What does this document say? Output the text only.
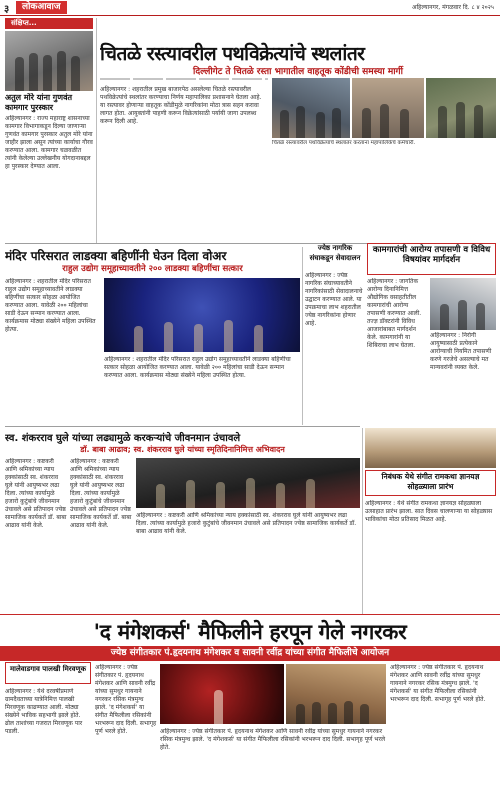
३	लोकआवाज	अहिल्यानगर, मंगळवार दि. ८ ४ २०२५
संक्षिप्त...
अतुल मोरे यांना गुणवंत कामगार पुरस्कार
अहिल्यानगर : राज्य महाराष्ट्र शासनाच्या कामगार विभागाकडून दिल्या जाणाऱ्या गुणवंत कामगार पुरस्कार अतुल मोरे यांना जाहीर झाला असून त्यांच्या कार्याचा गौरव करण्यात आला. कामगार चळवळीत त्यांनी केलेल्या उल्लेखनीय योगदानाबद्दल हा पुरस्कार देण्यात आला.
चितळे रस्त्यावरील पथविक्रेत्यांचे स्थलांतर
दिल्लीगेट ते चितळे रस्ता भागातील वाहतूक कोंडीची समस्या मार्गी
अहिल्यानगर : शहरातील प्रमुख बाजारपेठ असलेल्या चितळे रस्त्यावरील पथविक्रेत्यांचे स्थलांतर करण्याचा निर्णय महापालिका प्रशासनाने घेतला आहे. या रस्त्यावर होणाऱ्या वाहतूक कोंडीमुळे नागरिकांना मोठा त्रास सहन करावा लागत होता. आयुक्तांनी पाहणी करून विक्रेत्यांसाठी पर्यायी जागा उपलब्ध करून दिली आहे.
चितळे रस्त्यावरील पथविक्रेत्यांचे स्थलांतर करताना महापालिकेचे कर्मचारी.
मंदिर परिसरात लाडक्या बहिणींनी घेउन दिला वोअर
राहुल उद्योग समूहाच्यावतीने २०० लाडक्या बहिणींचा सत्कार
अहिल्यानगर : शहरातील मंदिर परिसरात राहुल उद्योग समूहाच्यावतीने लाडक्या बहिणींचा सत्कार सोहळा आयोजित करण्यात आला. यावेळी २०० महिलांचा साडी देऊन सन्मान करण्यात आला. कार्यक्रमास मोठ्या संख्येने महिला उपस्थित होत्या.
अहिल्यानगर : शहरातील मंदिर परिसरात राहुल उद्योग समूहाच्यावतीने लाडक्या बहिणींचा सत्कार सोहळा आयोजित करण्यात आला. यावेळी २०० महिलांचा साडी देऊन सन्मान करण्यात आला. कार्यक्रमास मोठ्या संख्येने महिला उपस्थित होत्या.
ज्येष्ठ नागरिक संघाकडून सेवादालन
अहिल्यानगर : ज्येष्ठ नागरिक संघाच्यावतीने नागरिकांसाठी सेवादालनाचे उद्घाटन करण्यात आले. या उपक्रमाचा लाभ शहरातील ज्येष्ठ नागरिकांना होणार आहे.
कामगारांची आरोग्य तपासणी व विविध विषयांवर मार्गदर्शन
अहिल्यानगर : जागतिक आरोग्य दिनानिमित्त औद्योगिक वसाहतीतील कामगारांची आरोग्य तपासणी करण्यात आली. तज्ज्ञ डॉक्टरांनी विविध आजारांबाबत मार्गदर्शन केले. कामगारांनी या शिबिराचा लाभ घेतला.
अहिल्यानगर : निरोगी आयुष्यासाठी प्रत्येकाने आरोग्याची नियमित तपासणी करणे गरजेचे असल्याचे मत मान्यवरांनी व्यक्त केले.
स्व. शंकरराव घुले यांच्या लढ्यामुळे करकऱ्यांचे जीवनमान उंचावले
डॉ. बाबा आढाव; स्व. शंकरराव घुले यांच्या स्मृतिदिनानिमित्त अभिवादन
अहिल्यानगर : कष्टकरी आणि श्रमिकांच्या न्याय हक्कांसाठी स्व. शंकरराव घुले यांनी आयुष्यभर लढा दिला. त्यांच्या कार्यामुळे हजारो कुटुंबांचे जीवनमान उंचावले असे प्रतिपादन ज्येष्ठ सामाजिक कार्यकर्ते डॉ. बाबा आढाव यांनी केले.
अहिल्यानगर : कष्टकरी आणि श्रमिकांच्या न्याय हक्कांसाठी स्व. शंकरराव घुले यांनी आयुष्यभर लढा दिला. त्यांच्या कार्यामुळे हजारो कुटुंबांचे जीवनमान उंचावले असे प्रतिपादन ज्येष्ठ सामाजिक कार्यकर्ते डॉ. बाबा आढाव यांनी केले.
अहिल्यानगर : कष्टकरी आणि श्रमिकांच्या न्याय हक्कांसाठी स्व. शंकरराव घुले यांनी आयुष्यभर लढा दिला. त्यांच्या कार्यामुळे हजारो कुटुंबांचे जीवनमान उंचावले असे प्रतिपादन ज्येष्ठ सामाजिक कार्यकर्ते डॉ. बाबा आढाव यांनी केले.
निबंधक येथे संगीत रामकथा ज्ञानयज्ञ सोहळ्याला प्रारंभ
अहिल्यानगर : येथे संगीत रामकथा ज्ञानयज्ञ सोहळ्याला उत्साहात प्रारंभ झाला. सात दिवस चालणाऱ्या या सोहळ्यास भाविकांचा मोठा प्रतिसाद मिळत आहे.
'द मंगेशकर्स' मैफिलीने हरपून गेले नगरकर
ज्येष्ठ संगीतकार पं.हृदयनाथ मंगेशकर व सावनी रवींद्र यांच्या संगीत मैफिलीचे आयोजन
मालेवाडगाव पालखी मिरवणूक
अहिल्यानगर : येथे दरवर्षीप्रमाणे ग्रामदैवताच्या यात्रेनिमित्त पालखी मिरवणूक काढण्यात आली. मोठ्या संख्येने भाविक सहभागी झाले होते. ढोल ताशांच्या गजरात मिरवणूक पार पडली.
अहिल्यानगर : ज्येष्ठ संगीतकार पं. हृदयनाथ मंगेशकर आणि सावनी रवींद्र यांच्या सुमधुर गायनाने नगरकर रसिक मंत्रमुग्ध झाले. 'द मंगेशकर्स' या संगीत मैफिलीला रसिकांनी भरभरून दाद दिली. सभागृह पूर्ण भरले होते.	अहिल्यानगर : ज्येष्ठ संगीतकार पं. हृदयनाथ मंगेशकर आणि सावनी रवींद्र यांच्या सुमधुर गायनाने नगरकर रसिक मंत्रमुग्ध झाले. 'द मंगेशकर्स' या संगीत मैफिलीला रसिकांनी भरभरून दाद दिली. सभागृह पूर्ण भरले होते.
अहिल्यानगर : ज्येष्ठ संगीतकार पं. हृदयनाथ मंगेशकर आणि सावनी रवींद्र यांच्या सुमधुर गायनाने नगरकर रसिक मंत्रमुग्ध झाले. 'द मंगेशकर्स' या संगीत मैफिलीला रसिकांनी भरभरून दाद दिली. सभागृह पूर्ण भरले होते.
